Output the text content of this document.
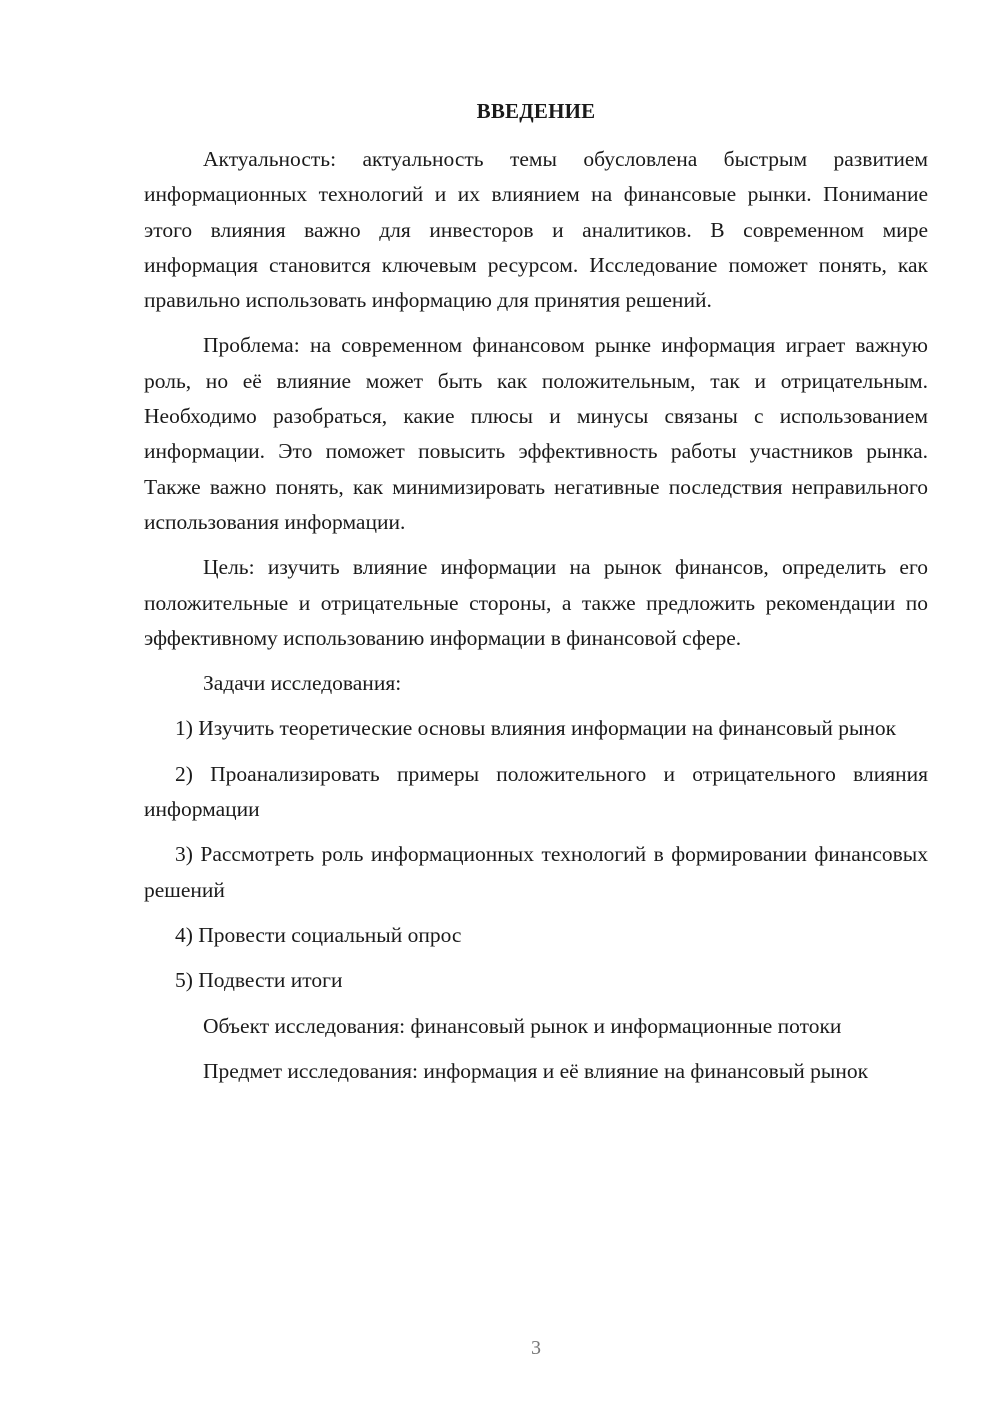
ВВЕДЕНИЕ

Актуальность: актуальность темы обусловлена быстрым развитием информационных технологий и их влиянием на финансовые рынки. Понимание этого влияния важно для инвесторов и аналитиков. В современном мире информация становится ключевым ресурсом. Исследование поможет понять, как правильно использовать информацию для принятия решений.

Проблема: на современном финансовом рынке информация играет важную роль, но её влияние может быть как положительным, так и отрицательным. Необходимо разобраться, какие плюсы и минусы связаны с использованием информации. Это поможет повысить эффективность работы участников рынка. Также важно понять, как минимизировать негативные последствия неправильного использования информации.

Цель: изучить влияние информации на рынок финансов, определить его положительные и отрицательные стороны, а также предложить рекомендации по эффективному использованию информации в финансовой сфере.

Задачи исследования:

1) Изучить теоретические основы влияния информации на финансовый рынок

2) Проанализировать примеры положительного и отрицательного влияния информации

3) Рассмотреть роль информационных технологий в формировании финансовых решений

4) Провести социальный опрос

5) Подвести итоги

Объект исследования: финансовый рынок и информационные потоки

Предмет исследования: информация и её влияние на финансовый рынок

3
